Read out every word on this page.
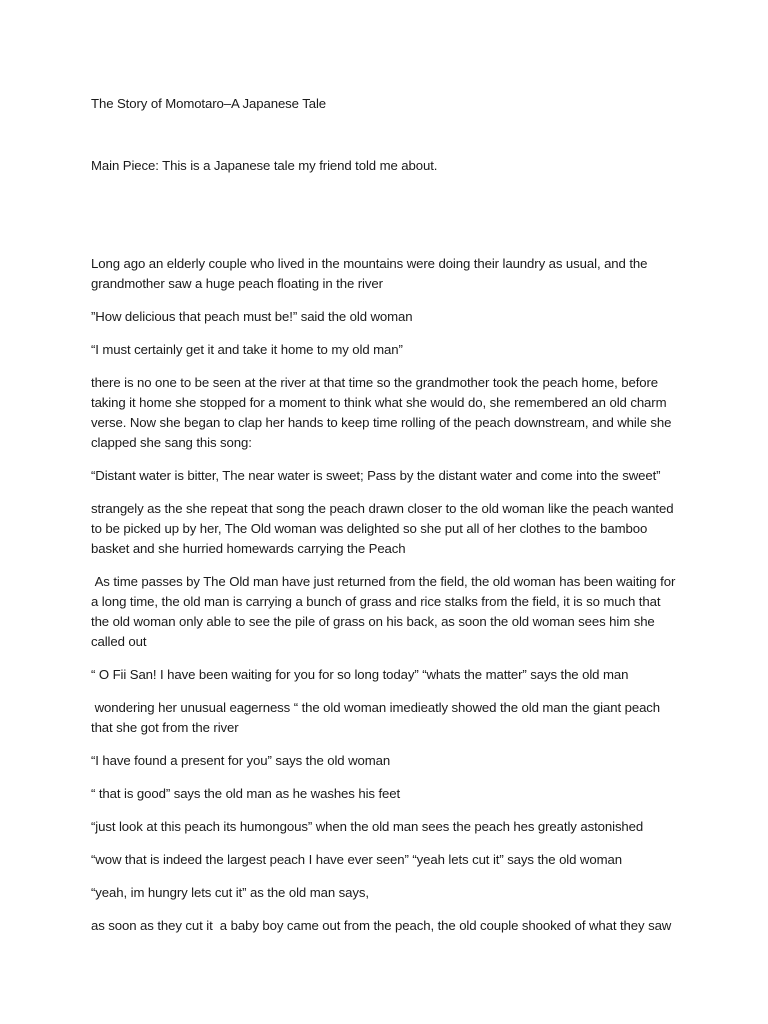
The Story of Momotaro–A Japanese Tale

Main Piece: This is a Japanese tale my friend told me about.

Long ago an elderly couple who lived in the mountains were doing their laundry as usual, and the grandmother saw a huge peach floating in the river

”How delicious that peach must be!” said the old woman

“I must certainly get it and take it home to my old man”

there is no one to be seen at the river at that time so the grandmother took the peach home, before taking it home she stopped for a moment to think what she would do, she remembered an old charm verse. Now she began to clap her hands to keep time rolling of the peach downstream, and while she clapped she sang this song:

“Distant water is bitter, The near water is sweet; Pass by the distant water and come into the sweet”

strangely as the she repeat that song the peach drawn closer to the old woman like the peach wanted to be picked up by her, The Old woman was delighted so she put all of her clothes to the bamboo basket and she hurried homewards carrying the Peach

As time passes by The Old man have just returned from the field, the old woman has been waiting for a long time, the old man is carrying a bunch of grass and rice stalks from the field, it is so much that the old woman only able to see the pile of grass on his back, as soon the old woman sees him she called out

“ O Fii San! I have been waiting for you for so long today” “whats the matter” says the old man

wondering her unusual eagerness “ the old woman imedieatly showed the old man the giant peach that she got from the river

“I have found a present for you” says the old woman

“ that is good” says the old man as he washes his feet

“just look at this peach its humongous” when the old man sees the peach hes greatly astonished

“wow that is indeed the largest peach I have ever seen” “yeah lets cut it” says the old woman

“yeah, im hungry lets cut it” as the old man says,

as soon as they cut it  a baby boy came out from the peach, the old couple shooked of what they saw
